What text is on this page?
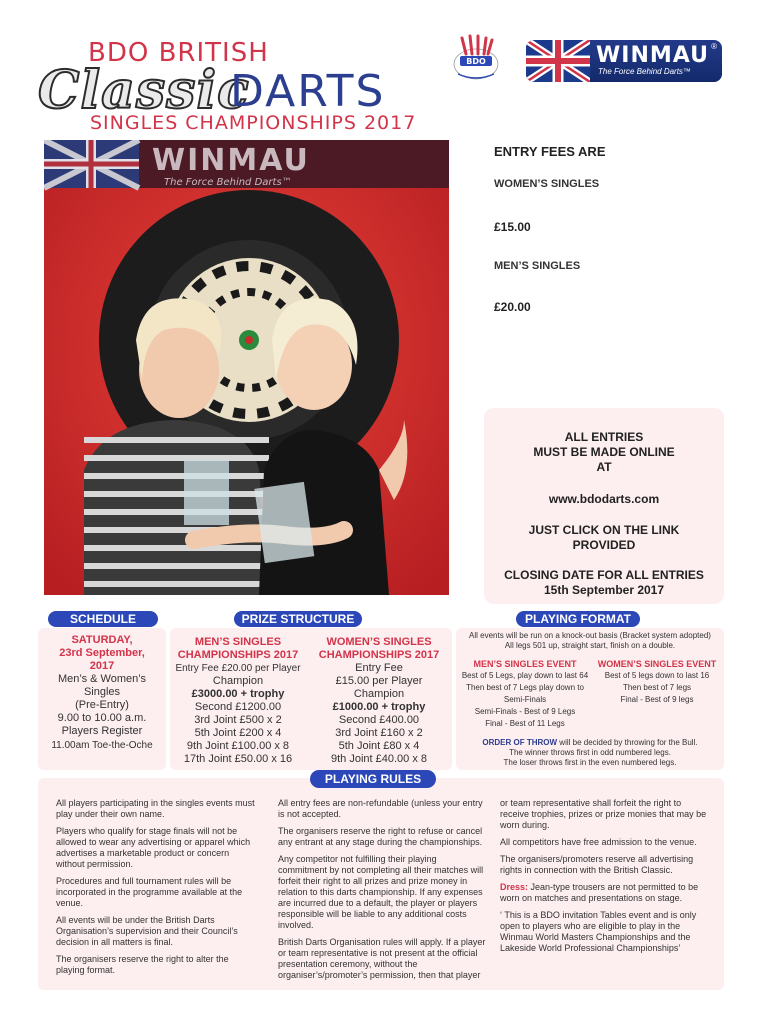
BDO BRITISH
Classic
DARTS
SINGLES CHAMPIONSHIPS 2017
BDO	WINMAU
The Force Behind Darts™
®
WINMAU
The Force Behind Darts™
ENTRY FEES ARE
WOMEN’S SINGLES
£15.00
MEN’S SINGLES
£20.00
ALL ENTRIES
MUST BE MADE ONLINE
AT
www.bdodarts.com
JUST CLICK ON THE LINK
PROVIDED
CLOSING DATE FOR ALL ENTRIES
15th September 2017
SCHEDULE
SATURDAY,
23rd September,
2017
Men’s & Women’s
Singles
(Pre-Entry)
9.00 to 10.00 a.m.
Players Register
11.00am Toe-the-Oche
PRIZE STRUCTURE
MEN’S SINGLES
CHAMPIONSHIPS 2017
Entry Fee £20.00 per Player
Champion
£3000.00 + trophy
Second £1200.00
3rd Joint £500 x 2
5th Joint £200 x 4
9th Joint £100.00 x 8
17th Joint £50.00 x 16
WOMEN’S SINGLES
CHAMPIONSHIPS 2017
Entry Fee
£15.00 per Player
Champion
£1000.00 + trophy
Second £400.00
3rd Joint £160 x 2
5th Joint £80 x 4
9th Joint £40.00 x 8
PLAYING FORMAT
All events will be run on a knock-out basis (Bracket system adopted)
All legs 501 up, straight start, finish on a double.
MEN’S SINGLES EVENT
Best of 5 Legs, play down to last 64
Then best of 7 Legs play down to
Semi-Finals
Semi-Finals - Best of 9 Legs
Final - Best of 11 Legs
WOMEN’S SINGLES EVENT
Best of 5 legs down to last 16
Then best of 7 legs
Final - Best of 9 legs
ORDER OF THROW will be decided by throwing for the Bull.
The winner throws first in odd numbered legs.
The loser throws first in the even numbered legs.

All players participating in the singles events must play under their own name.

Players who qualify for stage finals will not be allowed to wear any advertising or apparel which advertises a marketable product or concern without permission.

Procedures and full tournament rules will be incorporated in the programme available at the venue.

All events will be under the British Darts Organisation’s supervision and their Council’s decision in all matters is final.

The organisers reserve the right to alter the playing format.

All entry fees are non-refundable (unless your entry is not accepted.

The organisers reserve the right to refuse or cancel any entrant at any stage during the championships.

Any competitor not fulfilling their playing commitment by not completing all their matches will forfeit their right to all prizes and prize money in relation to this darts championship. If any expenses are incurred due to a default, the player or players responsible will be liable to any additional costs involved.

British Darts Organisation rules will apply. If a player or team representative is not present at the official presentation ceremony, without the organiser’s/promoter’s permission, then that player

or team representative shall forfeit the right to receive trophies, prizes or prize monies that may be worn during.

All competitors have free admission to the venue.

The organisers/promoters reserve all advertising rights in connection with the British Classic.

Dress: Jean-type trousers are not permitted to be worn on matches and presentations on stage.

‘ This is a BDO invitation Tables event and is only open to players who are eligible to play in the Winmau World Masters Championships and the Lakeside World Professional Championships’

PLAYING RULES
